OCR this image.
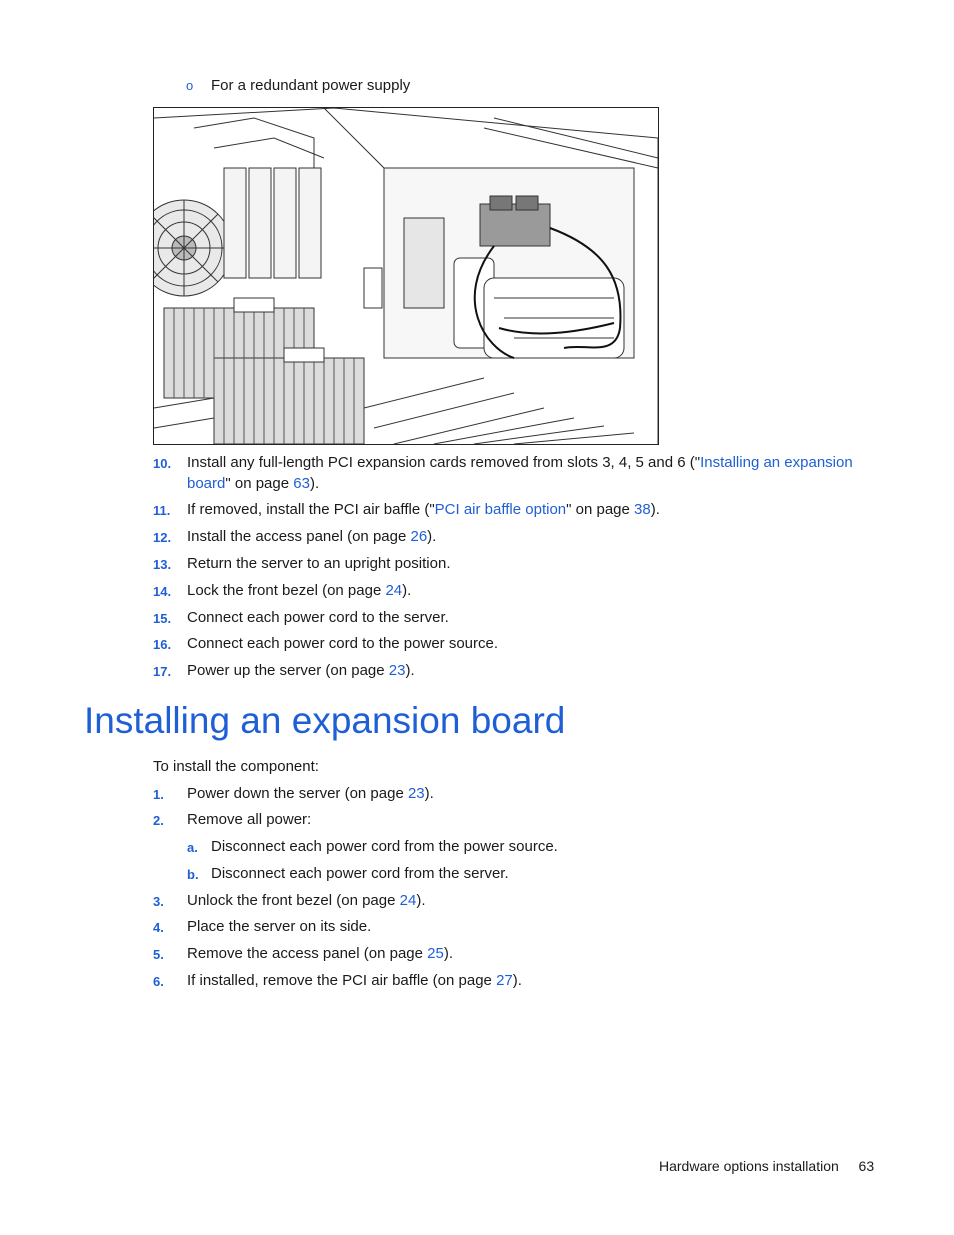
o For a redundant power supply
10. Install any full-length PCI expansion cards removed from slots 3, 4, 5 and 6 ("Installing an expansion
board" on page 63).
11. If removed, install the PCI air baffle ("PCI air baffle option" on page 38).
12. Install the access panel (on page 26).
13. Return the server to an upright position.
14. Lock the front bezel (on page 24).
15. Connect each power cord to the server.
16. Connect each power cord to the power source.
17. Power up the server (on page 23).
Installing an expansion board
To install the component:
1. Power down the server (on page 23).
2. Remove all power:
a. Disconnect each power cord from the power source.
b. Disconnect each power cord from the server.
3. Unlock the front bezel (on page 24).
4. Place the server on its side.
5. Remove the access panel (on page 25).
6. If installed, remove the PCI air baffle (on page 27).
Hardware options installation 63
